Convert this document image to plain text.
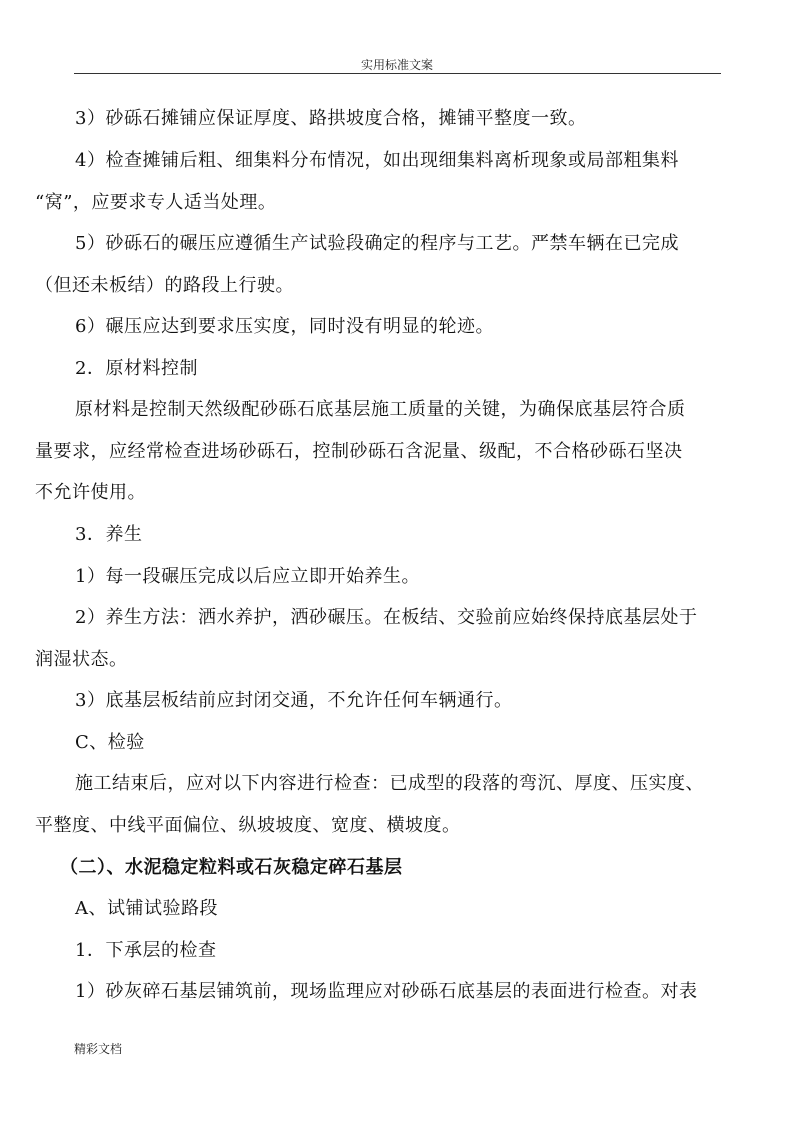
实用标准文案
3）砂砾石摊铺应保证厚度、路拱坡度合格，摊铺平整度一致。
4）检查摊铺后粗、细集料分布情况，如出现细集料离析现象或局部粗集料
“窝”，应要求专人适当处理。
5）砂砾石的碾压应遵循生产试验段确定的程序与工艺。严禁车辆在已完成
（但还未板结）的路段上行驶。
6）碾压应达到要求压实度，同时没有明显的轮迹。
2．原材料控制
原材料是控制天然级配砂砾石底基层施工质量的关键，为确保底基层符合质
量要求，应经常检查进场砂砾石，控制砂砾石含泥量、级配，不合格砂砾石坚决
不允许使用。
3．养生
1）每一段碾压完成以后应立即开始养生。
2）养生方法：洒水养护，洒砂碾压。在板结、交验前应始终保持底基层处于
润湿状态。
3）底基层板结前应封闭交通，不允许任何车辆通行。
C、检验
施工结束后，应对以下内容进行检查：已成型的段落的弯沉、厚度、压实度、
平整度、中线平面偏位、纵坡坡度、宽度、横坡度。
（二）、水泥稳定粒料或石灰稳定碎石基层
A、试铺试验路段
1．下承层的检查
1）砂灰碎石基层铺筑前，现场监理应对砂砾石底基层的表面进行检查。对表
精彩文档
